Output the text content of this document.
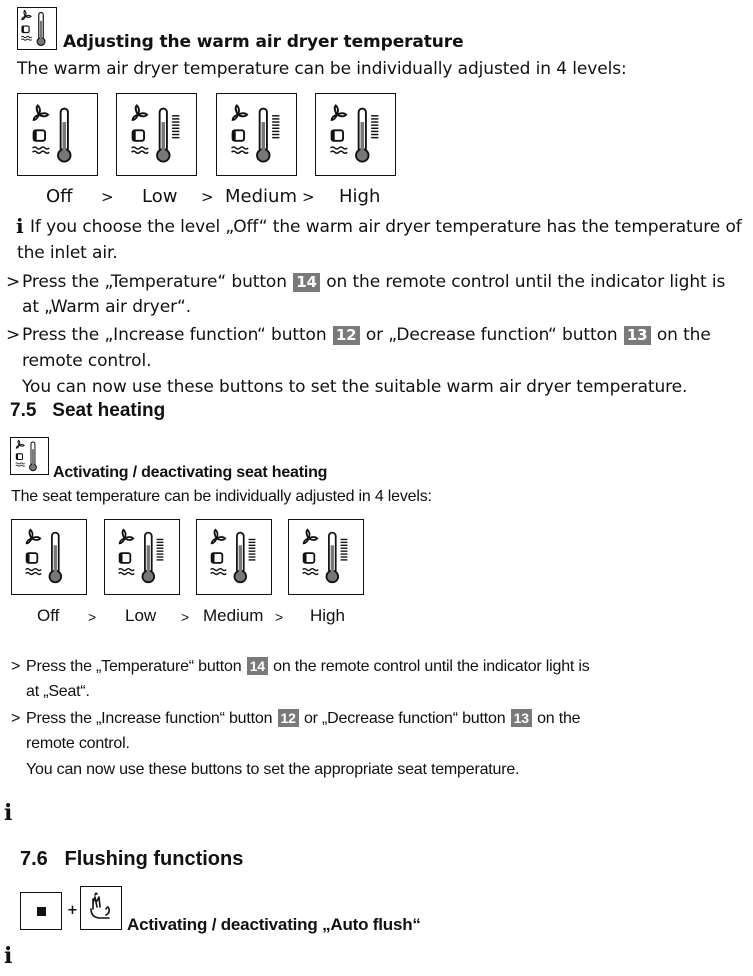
Adjusting the warm air dryer temperature
The warm air dryer temperature can be individually adjusted in 4 levels:
Off > Low > Medium > High
i If you choose the level „Off“ the warm air dryer temperature has the temperature of
the inlet air.
> Press the „Temperature“ button 14 on the remote control until the indicator light is
at „Warm air dryer“.
> Press the „Increase function“ button 12 or „Decrease function“ button 13 on the
remote control.
You can now use these buttons to set the suitable warm air dryer temperature.
7.5 Seat heating
Activating / deactivating seat heating
The seat temperature can be individually adjusted in 4 levels:
Off > Low > Medium > High
> Press the „Temperature“ button 14 on the remote control until the indicator light is
at „Seat“.
> Press the „Increase function“ button 12 or „Decrease function“ button 13 on the
remote control.
You can now use these buttons to set the appropriate seat temperature.
i
7.6 Flushing functions
+
Activating / deactivating „Auto flush“
i
